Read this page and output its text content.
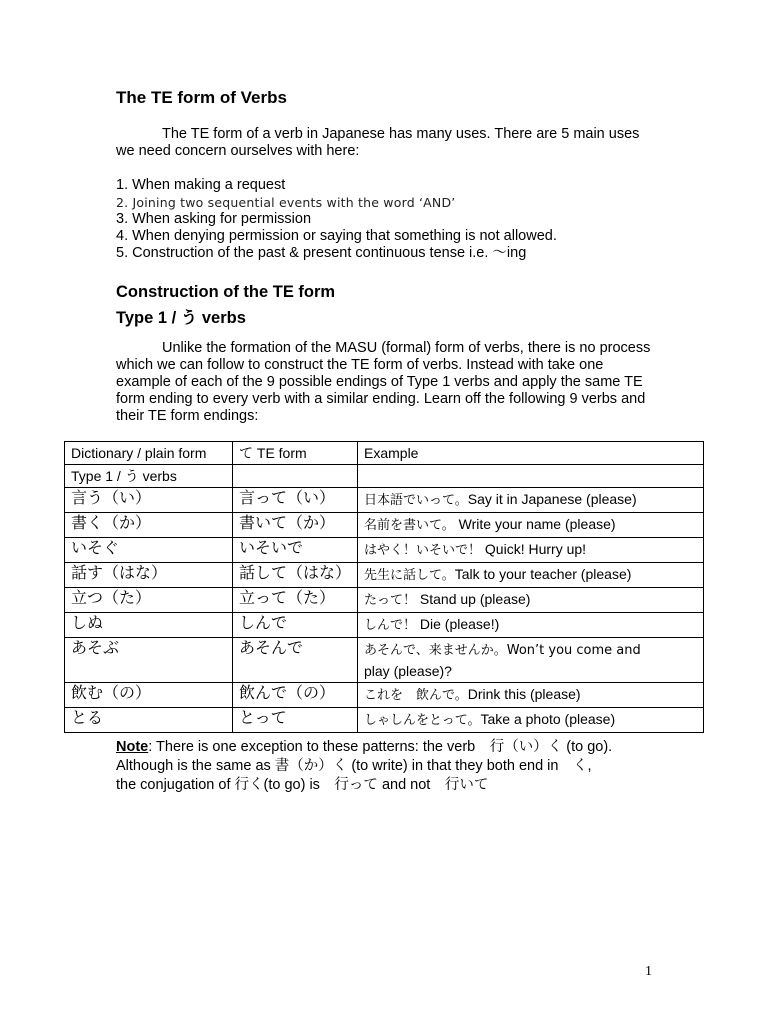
The TE form of Verbs
The TE form of a verb in Japanese has many uses. There are 5 main uses we need concern ourselves with here:
1. When making a request
2. Joining two sequential events with the word ‘AND’
3. When asking for permission
4. When denying permission or saying that something is not allowed.
5. Construction of the past & present continuous tense i.e. ～ing
Construction of the TE form
Type 1 / う verbs
Unlike the formation of the MASU (formal) form of verbs, there is no process which we can follow to construct the TE form of verbs. Instead with take one example of each of the 9 possible endings of Type 1 verbs and apply the same TE form ending to every verb with a similar ending. Learn off the following 9 verbs and their TE form endings:
Dictionary / plain form	て TE form	Example
Type 1 / う verbs		
言う（い）	言って（い）	日本語でいって。Say it in Japanese (please)
書く（か）	書いて（か）	名前を書いて。 Write your name (please)
いそぐ	いそいで	はやく！いそいで！ Quick! Hurry up!
話す（はな）	話して（はな）	先生に話して。Talk to your teacher (please)
立つ（た）	立って（た）	たって！ Stand up (please)
しぬ	しんで	しんで！ Die (please!)
あそぶ	あそんで	あそんで、来ませんか。Won’t you come and
play (please)?
飲む（の）	飲んで（の）	これを　飲んで。Drink this (please)
とる	とって	しゃしんをとって。Take a photo (please)
Note: There is one exception to these patterns: the verb　行（い）く (to go).
Although is the same as 書（か）く (to write) in that they both end in　く,
the conjugation of 行く(to go) is　行って and not　行いて
1
